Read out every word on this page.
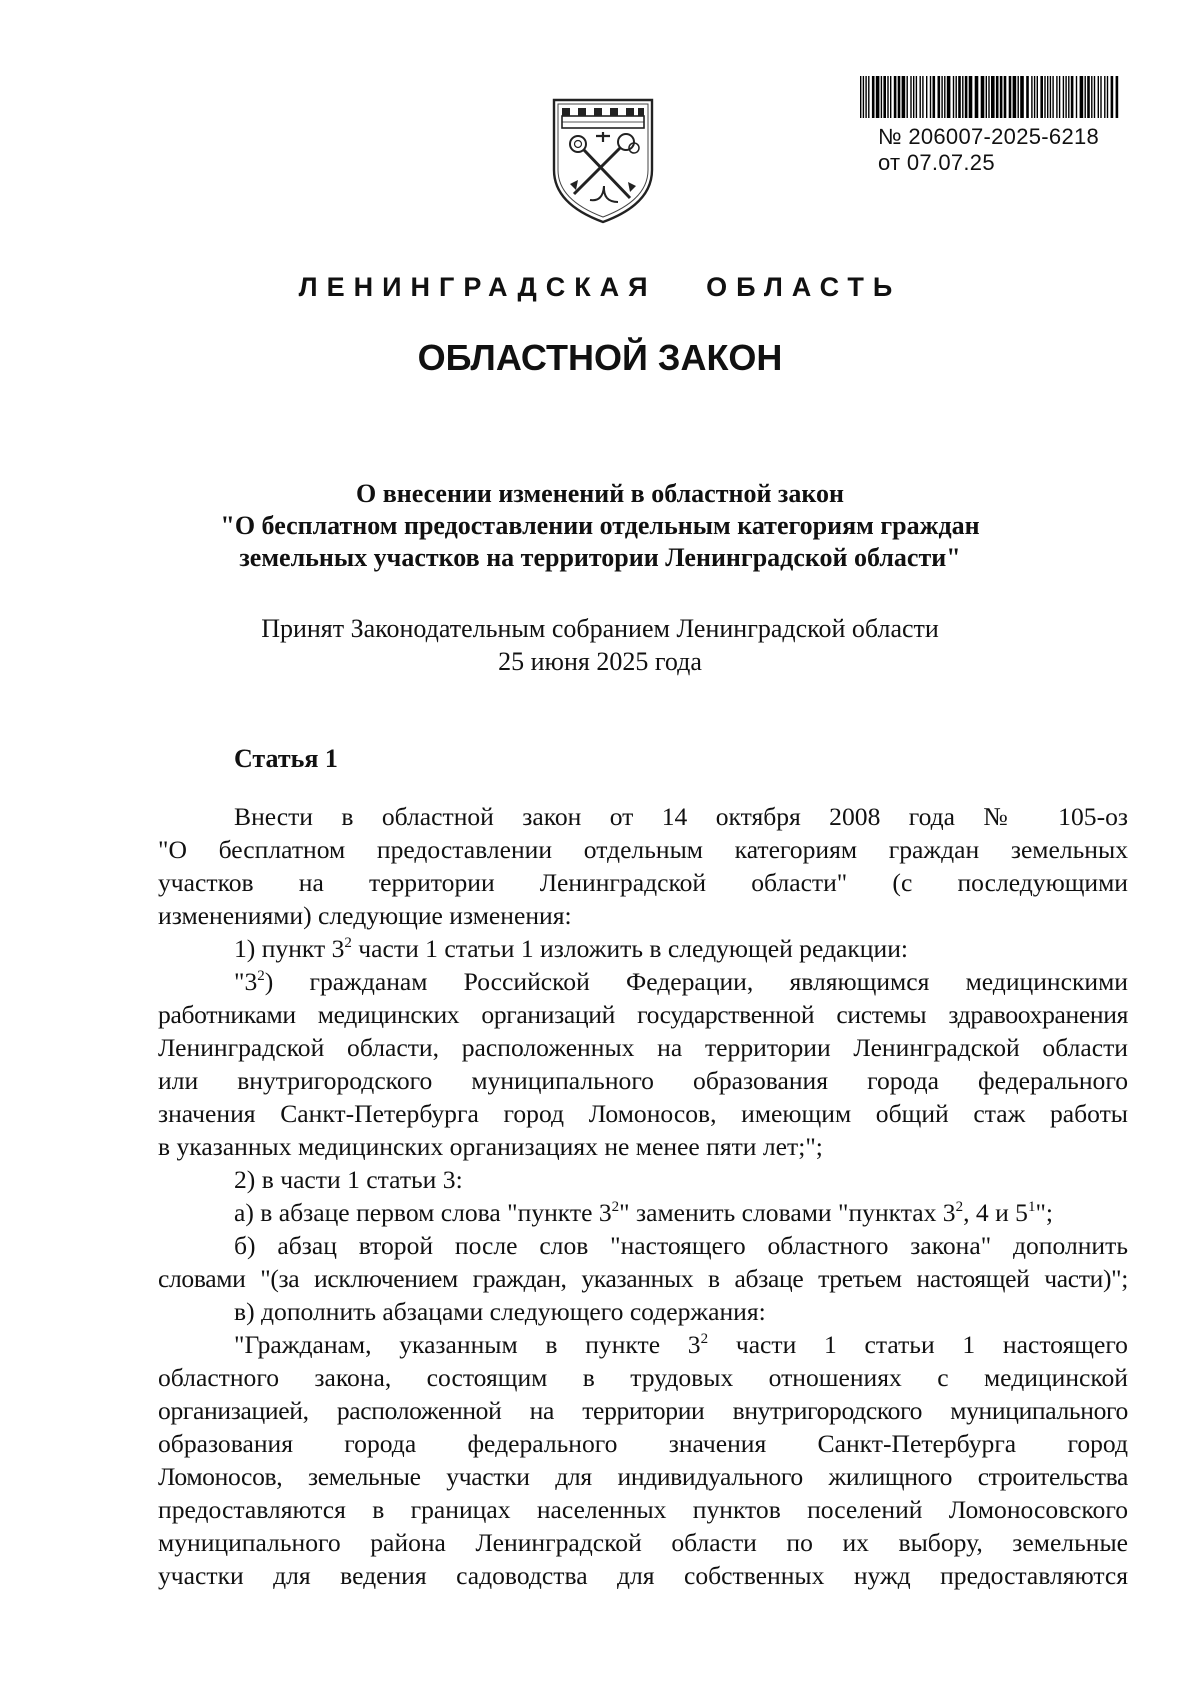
№ 206007-2025-6218
от 07.07.25
ЛЕНИНГРАДСКАЯ   ОБЛАСТЬ
ОБЛАСТНОЙ ЗАКОН
О внесении изменений в областной закон
"О бесплатном предоставлении отдельным категориям граждан
земельных участков на территории Ленинградской области"
Принят Законодательным собранием Ленинградской области
25 июня 2025 года
Статья 1
Внести в областной закон от 14 октября 2008 года № 105-оз
"О бесплатном предоставлении отдельным категориям граждан земельных
участков на территории Ленинградской области" (с последующими
изменениями) следующие изменения:
1) пункт $3^2$ части 1 статьи 1 изложить в следующей редакции:
"$3^2$) гражданам Российской Федерации, являющимся медицинскими
работниками медицинских организаций государственной системы здравоохранения
Ленинградской области, расположенных на территории Ленинградской области
или внутригородского муниципального образования города федерального
значения Санкт-Петербурга город Ломоносов, имеющим общий стаж работы
в указанных медицинских организациях не менее пяти лет;";
2) в части 1 статьи 3:
а) в абзаце первом слова "пункте $3^2$" заменить словами "пунктах $3^2$, 4 и $5^1$";
б) абзац второй после слов "настоящего областного закона" дополнить
словами "(за исключением граждан, указанных в абзаце третьем настоящей части)";
в) дополнить абзацами следующего содержания:
"Гражданам, указанным в пункте $3^2$ части 1 статьи 1 настоящего
областного закона, состоящим в трудовых отношениях с медицинской
организацией, расположенной на территории внутригородского муниципального
образования города федерального значения Санкт-Петербурга город
Ломоносов, земельные участки для индивидуального жилищного строительства
предоставляются в границах населенных пунктов поселений Ломоносовского
муниципального района Ленинградской области по их выбору, земельные
участки для ведения садоводства для собственных нужд предоставляются
